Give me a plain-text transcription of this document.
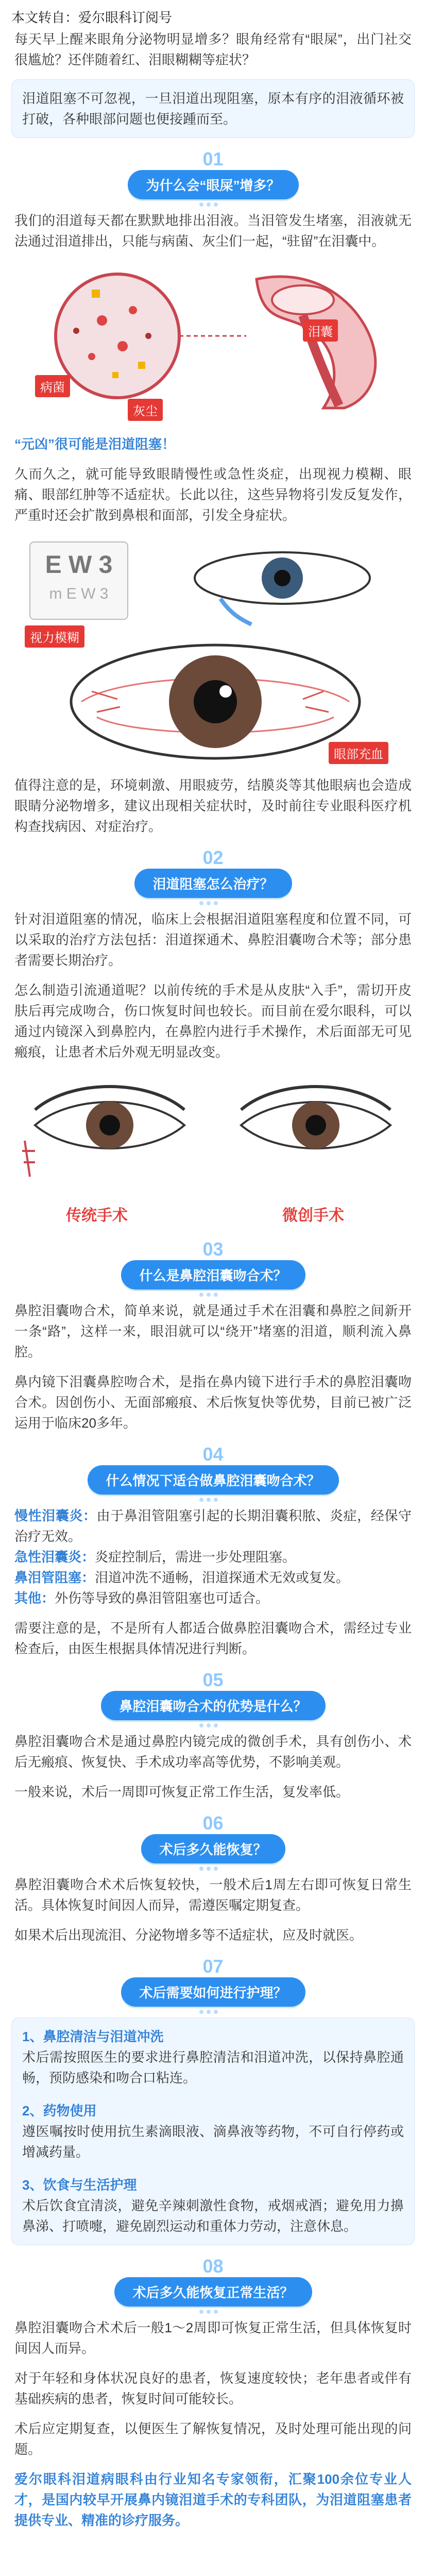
本文转自：爱尔眼科订阅号

每天早上醒来眼角分泌物明显增多？眼角经常有“眼屎”，出门社交很尴尬？还伴随着红、泪眼糊糊等症状？

泪道阻塞不可忽视，一旦泪道出现阻塞，原本有序的泪液循环被打破，各种眼部问题也便接踵而至。

01
为什么会“眼屎”增多？

我们的泪道每天都在默默地排出泪液。当泪管发生堵塞，泪液就无法通过泪道排出，只能与病菌、灰尘们一起，“驻留”在泪囊中。

泪囊
病菌
灰尘

“元凶”很可能是泪道阻塞！

久而久之，就可能导致眼睛慢性或急性炎症，出现视力模糊、眼痛、眼部红肿等不适症状。长此以往，这些异物将引发反复发作，严重时还会扩散到鼻根和面部，引发全身症状。

E W 3
m E W 3
视力模糊
眼部充血

值得注意的是，环境刺激、用眼疲劳，结膜炎等其他眼病也会造成眼睛分泌物增多，建议出现相关症状时，及时前往专业眼科医疗机构查找病因、对症治疗。

02
泪道阻塞怎么治疗？

针对泪道阻塞的情况，临床上会根据泪道阻塞程度和位置不同，可以采取的治疗方法包括：泪道探通术、鼻腔泪囊吻合术等；部分患者需要长期治疗。

怎么制造引流通道呢？以前传统的手术是从皮肤“入手”，需切开皮肤后再完成吻合，伤口恢复时间也较长。而目前在爱尔眼科，可以通过内镜深入到鼻腔内，在鼻腔内进行手术操作，术后面部无可见瘢痕，让患者术后外观无明显改变。

传统手术	微创手术
03
什么是鼻腔泪囊吻合术？

鼻腔泪囊吻合术，简单来说，就是通过手术在泪囊和鼻腔之间新开一条“路”，这样一来，眼泪就可以“绕开”堵塞的泪道，顺利流入鼻腔。

鼻内镜下泪囊鼻腔吻合术，是指在鼻内镜下进行手术的鼻腔泪囊吻合术。因创伤小、无面部瘢痕、术后恢复快等优势，目前已被广泛运用于临床20多年。

04
什么情况下适合做鼻腔泪囊吻合术？

慢性泪囊炎：由于鼻泪管阻塞引起的长期泪囊积脓、炎症，经保守治疗无效。

急性泪囊炎：炎症控制后，需进一步处理阻塞。

鼻泪管阻塞：泪道冲洗不通畅，泪道探通术无效或复发。

其他：外伤等导致的鼻泪管阻塞也可适合。

需要注意的是，不是所有人都适合做鼻腔泪囊吻合术，需经过专业检查后，由医生根据具体情况进行判断。

05
鼻腔泪囊吻合术的优势是什么？

鼻腔泪囊吻合术是通过鼻腔内镜完成的微创手术，具有创伤小、术后无瘢痕、恢复快、手术成功率高等优势，不影响美观。

一般来说，术后一周即可恢复正常工作生活，复发率低。

06
术后多久能恢复？

鼻腔泪囊吻合术术后恢复较快，一般术后1周左右即可恢复日常生活。具体恢复时间因人而异，需遵医嘱定期复查。

如果术后出现流泪、分泌物增多等不适症状，应及时就医。

07
术后需要如何进行护理？

1、鼻腔清洁与泪道冲洗

术后需按照医生的要求进行鼻腔清洁和泪道冲洗，以保持鼻腔通畅，预防感染和吻合口粘连。

2、药物使用

遵医嘱按时使用抗生素滴眼液、滴鼻液等药物，不可自行停药或增减药量。

3、饮食与生活护理

术后饮食宜清淡，避免辛辣刺激性食物，戒烟戒酒；避免用力擤鼻涕、打喷嚏，避免剧烈运动和重体力劳动，注意休息。

08
术后多久能恢复正常生活？

鼻腔泪囊吻合术术后一般1～2周即可恢复正常生活，但具体恢复时间因人而异。

对于年轻和身体状况良好的患者，恢复速度较快；老年患者或伴有基础疾病的患者，恢复时间可能较长。

术后应定期复查，以便医生了解恢复情况，及时处理可能出现的问题。

爱尔眼科泪道病眼科由行业知名专家领衔，汇聚100余位专业人才，是国内较早开展鼻内镜泪道手术的专科团队，为泪道阻塞患者提供专业、精准的诊疗服务。
